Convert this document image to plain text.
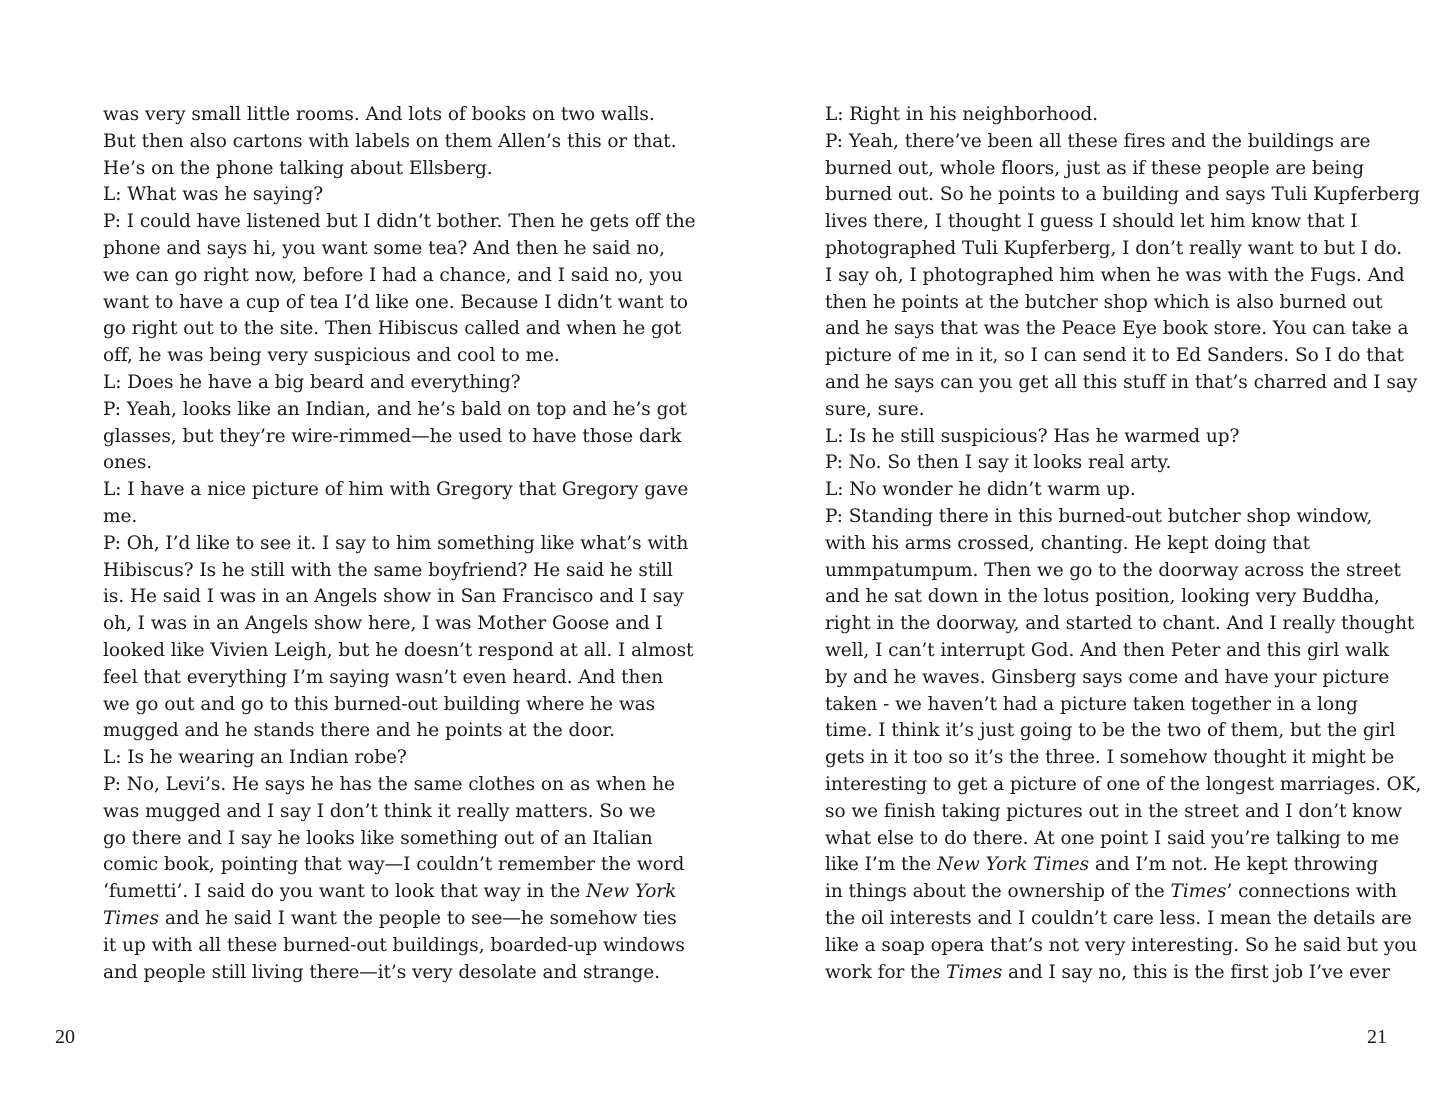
was very small little rooms. And lots of books on two walls.
But then also cartons with labels on them Allen’s this or that.
He’s on the phone talking about Ellsberg.
L: What was he saying?
P: I could have listened but I didn’t bother. Then he gets off the
phone and says hi, you want some tea? And then he said no,
we can go right now, before I had a chance, and I said no, you
want to have a cup of tea I’d like one. Because I didn’t want to
go right out to the site. Then Hibiscus called and when he got
off, he was being very suspicious and cool to me.
L: Does he have a big beard and everything?
P: Yeah, looks like an Indian, and he’s bald on top and he’s got
glasses, but they’re wire-rimmed—he used to have those dark
ones.
L: I have a nice picture of him with Gregory that Gregory gave
me.
P: Oh, I’d like to see it. I say to him something like what’s with
Hibiscus? Is he still with the same boyfriend? He said he still
is. He said I was in an Angels show in San Francisco and I say
oh, I was in an Angels show here, I was Mother Goose and I
looked like Vivien Leigh, but he doesn’t respond at all. I almost
feel that everything I’m saying wasn’t even heard. And then
we go out and go to this burned-out building where he was
mugged and he stands there and he points at the door.
L: Is he wearing an Indian robe?
P: No, Levi’s. He says he has the same clothes on as when he
was mugged and I say I don’t think it really matters. So we
go there and I say he looks like something out of an Italian
comic book, pointing that way—I couldn’t remember the word
‘fumetti’. I said do you want to look that way in the New York
Times and he said I want the people to see—he somehow ties
it up with all these burned-out buildings, boarded-up windows
and people still living there—it’s very desolate and strange.
20
L: Right in his neighborhood.
P: Yeah, there’ve been all these fires and the buildings are
burned out, whole floors, just as if these people are being
burned out. So he points to a building and says Tuli Kupferberg
lives there, I thought I guess I should let him know that I
photographed Tuli Kupferberg, I don’t really want to but I do.
I say oh, I photographed him when he was with the Fugs. And
then he points at the butcher shop which is also burned out
and he says that was the Peace Eye book store. You can take a
picture of me in it, so I can send it to Ed Sanders. So I do that
and he says can you get all this stuff in that’s charred and I say
sure, sure.
L: Is he still suspicious? Has he warmed up?
P: No. So then I say it looks real arty.
L: No wonder he didn’t warm up.
P: Standing there in this burned-out butcher shop window,
with his arms crossed, chanting. He kept doing that
ummpatumpum. Then we go to the doorway across the street
and he sat down in the lotus position, looking very Buddha,
right in the doorway, and started to chant. And I really thought
well, I can’t interrupt God. And then Peter and this girl walk
by and he waves. Ginsberg says come and have your picture
taken - we haven’t had a picture taken together in a long
time. I think it’s just going to be the two of them, but the girl
gets in it too so it’s the three. I somehow thought it might be
interesting to get a picture of one of the longest marriages. OK,
so we finish taking pictures out in the street and I don’t know
what else to do there. At one point I said you’re talking to me
like I’m the New York Times and I’m not. He kept throwing
in things about the ownership of the Times’ connections with
the oil interests and I couldn’t care less. I mean the details are
like a soap opera that’s not very interesting. So he said but you
work for the Times and I say no, this is the first job I’ve ever
21
